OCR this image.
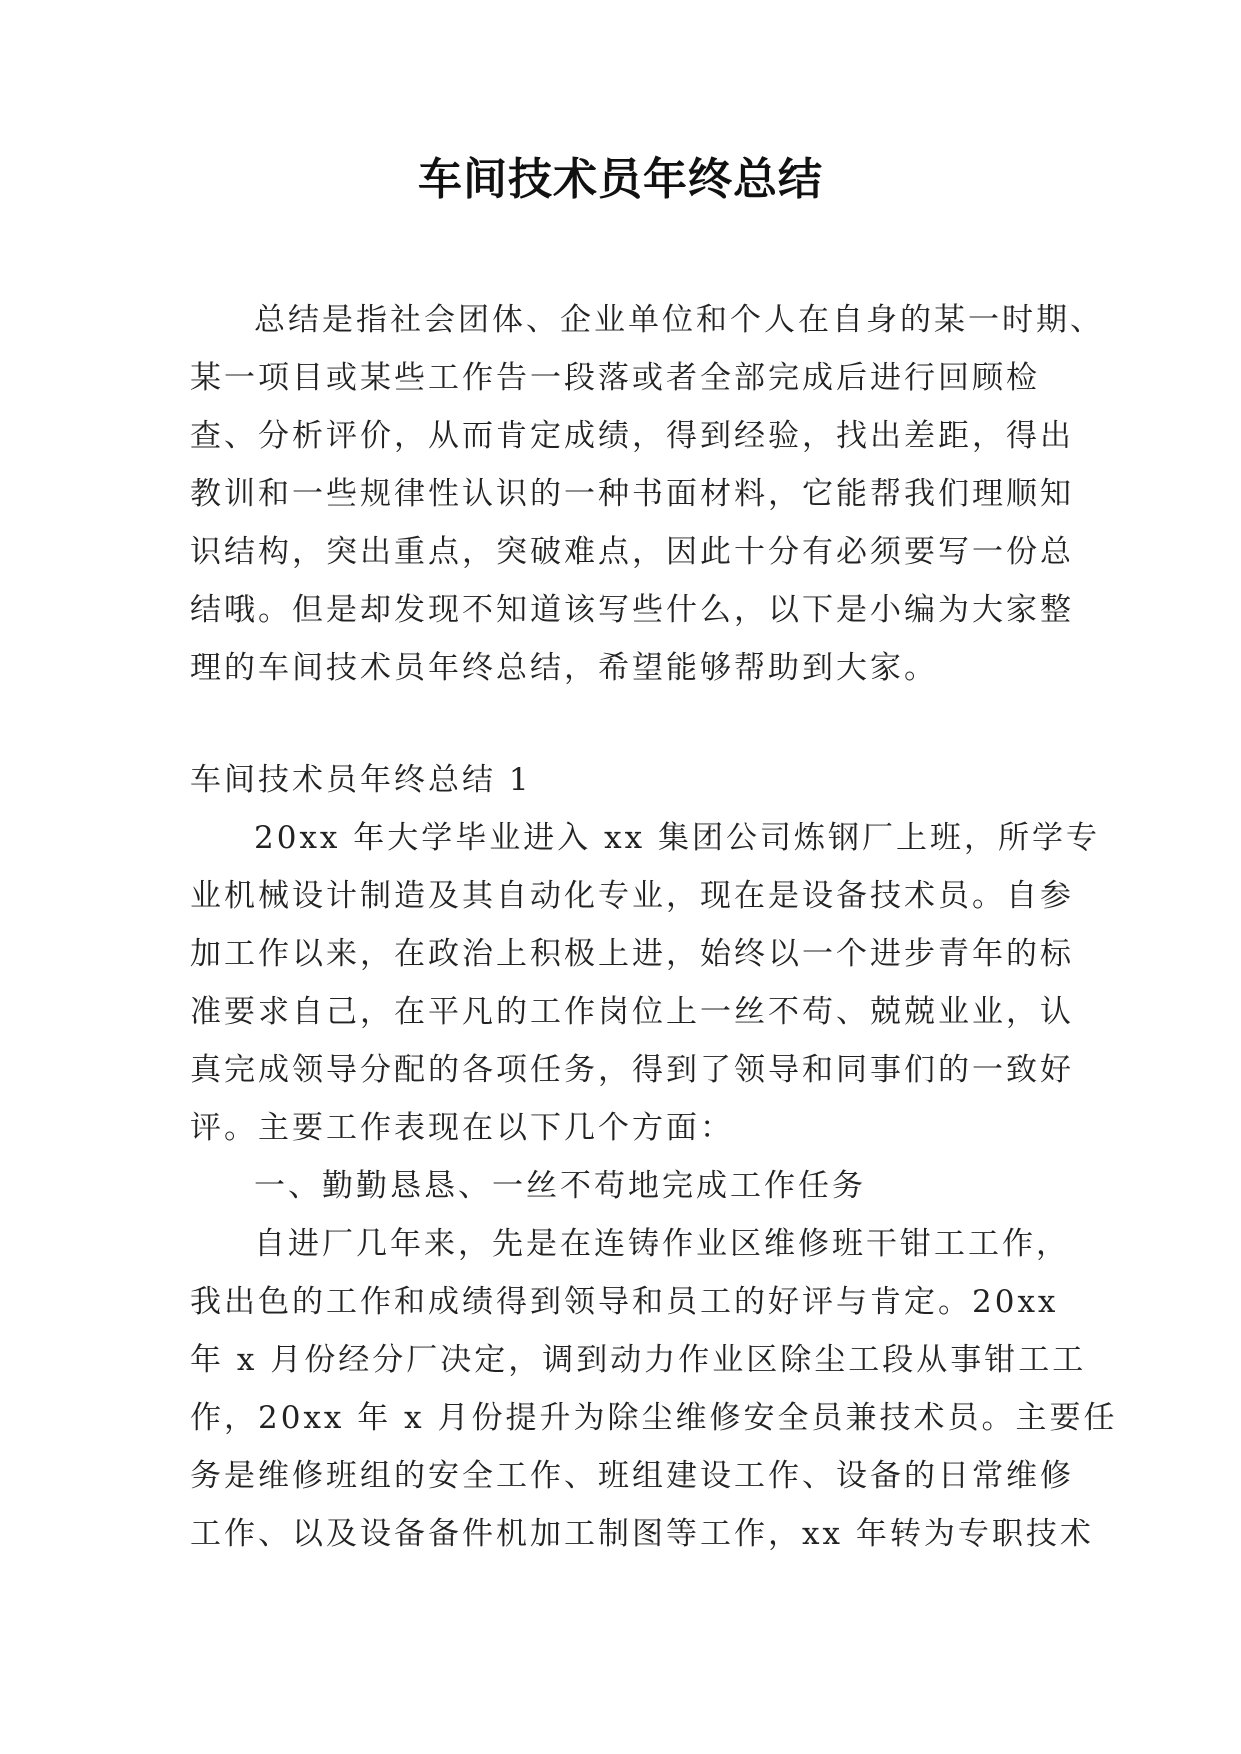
车间技术员年终总结
总结是指社会团体、企业单位和个人在自身的某一时期、
某一项目或某些工作告一段落或者全部完成后进行回顾检
查、分析评价，从而肯定成绩，得到经验，找出差距，得出
教训和一些规律性认识的一种书面材料，它能帮我们理顺知
识结构，突出重点，突破难点，因此十分有必须要写一份总
结哦。但是却发现不知道该写些什么，以下是小编为大家整
理的车间技术员年终总结，希望能够帮助到大家。
车间技术员年终总结 1
20xx 年大学毕业进入 xx 集团公司炼钢厂上班，所学专
业机械设计制造及其自动化专业，现在是设备技术员。自参
加工作以来，在政治上积极上进，始终以一个进步青年的标
准要求自己，在平凡的工作岗位上一丝不苟、兢兢业业，认
真完成领导分配的各项任务，得到了领导和同事们的一致好
评。主要工作表现在以下几个方面：
一、勤勤恳恳、一丝不苟地完成工作任务
自进厂几年来，先是在连铸作业区维修班干钳工工作，
我出色的工作和成绩得到领导和员工的好评与肯定。20xx
年 x 月份经分厂决定，调到动力作业区除尘工段从事钳工工
作，20xx 年 x 月份提升为除尘维修安全员兼技术员。主要任
务是维修班组的安全工作、班组建设工作、设备的日常维修
工作、以及设备备件机加工制图等工作，xx 年转为专职技术
